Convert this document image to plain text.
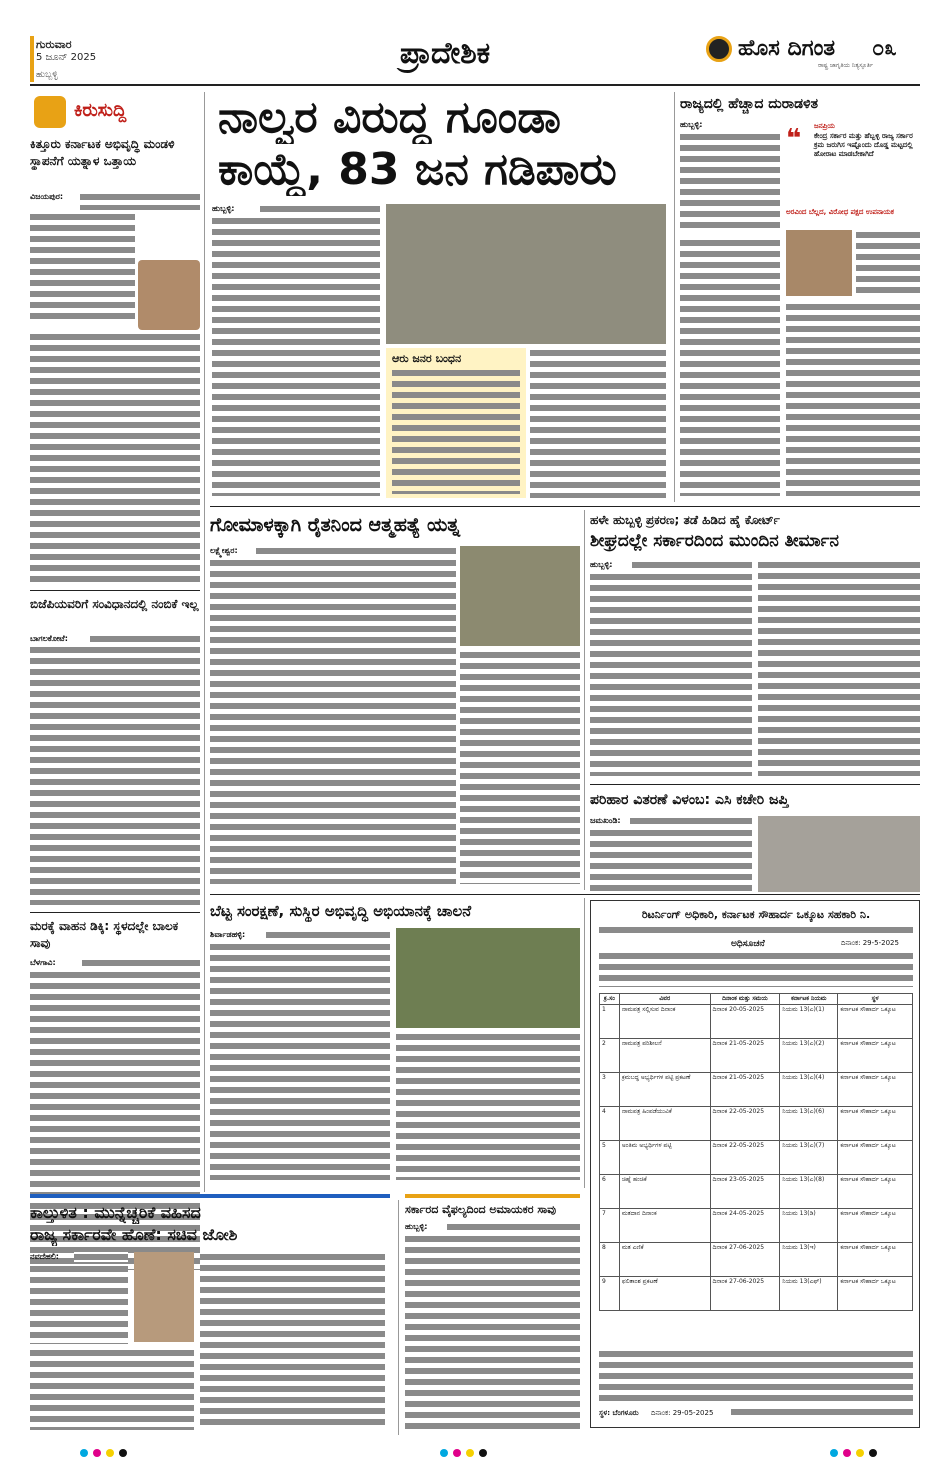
ಗುರುವಾರ
5 ಜೂನ್ 2025
ಹುಬ್ಬಳ್ಳಿ
ಪ್ರಾದೇಶಿಕ	ಹೊಸ ದಿಗಂತ
ರಾಷ್ಟ್ರ ಜಾಗೃತಿಯ ನಿತ್ಯಸ್ಫೂರ್ತಿ
೦೩
ಕಿರುಸುದ್ದಿ
ಕಿತ್ತೂರು ಕರ್ನಾಟಕ ಅಭಿವೃದ್ಧಿ ಮಂಡಳಿ ಸ್ಥಾಪನೆಗೆ ಯತ್ನಾಳ ಒತ್ತಾಯ
ವಿಜಯಪುರ:
ಬಿಜೆಪಿಯವರಿಗೆ ಸಂವಿಧಾನದಲ್ಲಿ ನಂಬಿಕೆ ಇಲ್ಲ
ಬಾಗಲಕೋಟೆ:
ಮರಕ್ಕೆ ವಾಹನ ಡಿಕ್ಕಿ: ಸ್ಥಳದಲ್ಲೇ ಬಾಲಕ ಸಾವು
ಬೆಳಗಾವಿ:
ನಾಲ್ವರ ವಿರುದ್ಧ ಗೂಂಡಾ
ಕಾಯ್ದೆ, 83 ಜನ ಗಡಿಪಾರು
ಹುಬ್ಬಳ್ಳಿ:
ಆರು ಜನರ ಬಂಧನ
ರಾಜ್ಯದಲ್ಲಿ ಹೆಚ್ಚಾದ ದುರಾಡಳಿತ
ಹುಬ್ಬಳ್ಳಿ:	❝ ಜನಪ್ರಿಯ
ಕೇಂದ್ರ ಸರ್ಕಾರ ಮತ್ತು ಹೆಬ್ಬಳ್ಳಿ ರಾಜ್ಯ ಸರ್ಕಾರ ಕ್ರಮ ಜರುಗಿಸ ಇಷ್ಟೊಂದು ದೊಡ್ಡ ಮಟ್ಟದಲ್ಲಿ ಹೋರಾಟ ಮಾಡಬೇಕಾಗಿದೆ
ಅರವಿಂದ ಬೆಲ್ಲದ, ವಿರೋಧ ಪಕ್ಷದ ಉಪನಾಯಕ
ಗೋಮಾಳಕ್ಕಾಗಿ ರೈತನಿಂದ ಆತ್ಮಹತ್ಯೆ ಯತ್ನ
ಲಕ್ಷ್ಮೇಶ್ವರ:
ಹಳೇ ಹುಬ್ಬಳ್ಳಿ ಪ್ರಕರಣ; ತಡೆ ಹಿಡಿದ ಹೈ ಕೋರ್ಟ್
ಶೀಘ್ರದಲ್ಲೇ ಸರ್ಕಾರದಿಂದ ಮುಂದಿನ ತೀರ್ಮಾನ
ಹುಬ್ಬಳ್ಳಿ:
ಪರಿಹಾರ ವಿತರಣೆ ವಿಳಂಬ: ಎಸಿ ಕಚೇರಿ ಜಪ್ತಿ
ಜಮಖಂಡಿ:
ಬೆಟ್ಟ ಸಂರಕ್ಷಣೆ, ಸುಸ್ಥಿರ ಅಭಿವೃದ್ಧಿ ಅಭಿಯಾನಕ್ಕೆ ಚಾಲನೆ
ಶಿರ್ವಾಡಹಳ್ಳಿ:
ರಿಟರ್ನಿಂಗ್ ಅಧಿಕಾರಿ, ಕರ್ನಾಟಕ ಸೌಹಾರ್ದ ಒಕ್ಕೂಟ ಸಹಕಾರಿ ನಿ.
ಅಧಿಸೂಚನೆ	ದಿನಾಂಕ: 29-5-2025
ಕ್ರ.ಸಂ	ವಿವರ	ದಿನಾಂಕ ಮತ್ತು ಸಮಯ	ಕರ್ನಾಟಕ ನಿಯಮ	ಸ್ಥಳ
1	ನಾಮಪತ್ರ ಸಲ್ಲಿಸುವ ದಿನಾಂಕ	ದಿನಾಂಕ 20-05-2025	ನಿಯಮ 13(ಎ)(1)	ಕರ್ನಾಟಕ ಸೌಹಾರ್ದ ಒಕ್ಕೂಟ
2	ನಾಮಪತ್ರ ಪರಿಶೀಲನೆ	ದಿನಾಂಕ 21-05-2025	ನಿಯಮ 13(ಎ)(2)	ಕರ್ನಾಟಕ ಸೌಹಾರ್ದ ಒಕ್ಕೂಟ
3	ಕ್ರಮಬದ್ಧ ಅಭ್ಯರ್ಥಿಗಳ ಪಟ್ಟಿ ಪ್ರಕಟಣೆ	ದಿನಾಂಕ 21-05-2025	ನಿಯಮ 13(ಎ)(4)	ಕರ್ನಾಟಕ ಸೌಹಾರ್ದ ಒಕ್ಕೂಟ
4	ನಾಮಪತ್ರ ಹಿಂಪಡೆಯುವಿಕೆ	ದಿನಾಂಕ 22-05-2025	ನಿಯಮ 13(ಎ)(6)	ಕರ್ನಾಟಕ ಸೌಹಾರ್ದ ಒಕ್ಕೂಟ
5	ಅಂತಿಮ ಅಭ್ಯರ್ಥಿಗಳ ಪಟ್ಟಿ	ದಿನಾಂಕ 22-05-2025	ನಿಯಮ 13(ಎ)(7)	ಕರ್ನಾಟಕ ಸೌಹಾರ್ದ ಒಕ್ಕೂಟ
6	ಚಿಹ್ನೆ ಹಂಚಿಕೆ	ದಿನಾಂಕ 23-05-2025	ನಿಯಮ 13(ಎ)(8)	ಕರ್ನಾಟಕ ಸೌಹಾರ್ದ ಒಕ್ಕೂಟ
7	ಮತದಾನ ದಿನಾಂಕ	ದಿನಾಂಕ 24-05-2025	ನಿಯಮ 13(ಡಿ)	ಕರ್ನಾಟಕ ಸೌಹಾರ್ದ ಒಕ್ಕೂಟ
8	ಮತ ಎಣಿಕೆ	ದಿನಾಂಕ 27-06-2025	ನಿಯಮ 13(ಇ)	ಕರ್ನಾಟಕ ಸೌಹಾರ್ದ ಒಕ್ಕೂಟ
9	ಫಲಿತಾಂಶ ಪ್ರಕಟಣೆ	ದಿನಾಂಕ 27-06-2025	ನಿಯಮ 13(ಎಫ್)	ಕರ್ನಾಟಕ ಸೌಹಾರ್ದ ಒಕ್ಕೂಟ
ಸ್ಥಳ: ಬೆಂಗಳೂರು ದಿನಾಂಕ: 29-05-2025
ಕಾಲ್ತುಳಿತ : ಮುನ್ನೆಚ್ಚರಿಕೆ ವಹಿಸದ
ರಾಜ್ಯ ಸರ್ಕಾರವೇ ಹೊಣೆ: ಸಚಿವ ಜೋಶಿ
ನವದೆಹಲಿ:
ಸರ್ಕಾರದ ವೈಫಲ್ಯದಿಂದ ಅಮಾಯಕರ ಸಾವು
ಹುಬ್ಬಳ್ಳಿ:
